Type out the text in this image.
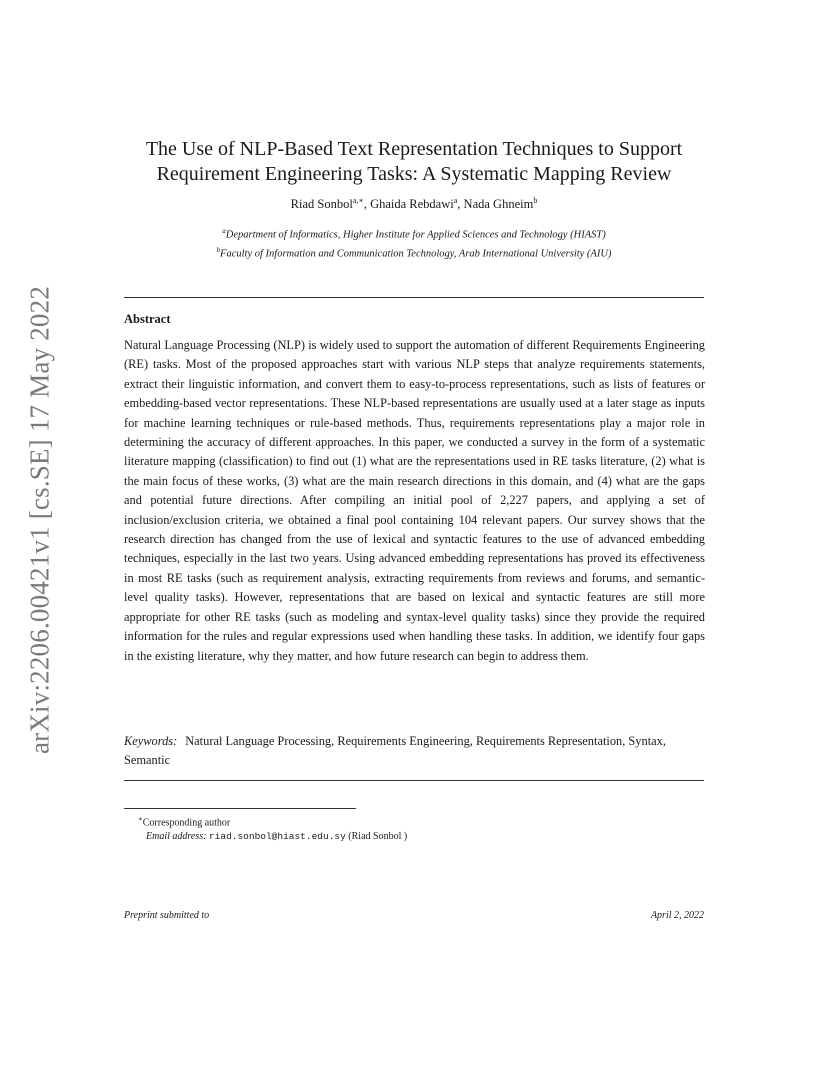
arXiv:2206.00421v1 [cs.SE] 17 May 2022
The Use of NLP-Based Text Representation Techniques to Support
Requirement Engineering Tasks: A Systematic Mapping Review
Riad Sonbol$^{a,∗}$, Ghaida Rebdawi$^a$, Nada Ghneim$^b$
$^a$Department of Informatics, Higher Institute for Applied Sciences and Technology (HIAST)
$^b$Faculty of Information and Communication Technology, Arab International University (AIU)
Abstract

Natural Language Processing (NLP) is widely used to support the automation of different Requirements Engineering (RE) tasks. Most of the proposed approaches start with various NLP steps that analyze requirements statements, extract their linguistic information, and convert them to easy-to-process representations, such as lists of features or embedding-based vector representations. These NLP-based representations are usually used at a later stage as inputs for machine learning techniques or rule-based methods. Thus, requirements representations play a major role in determining the accuracy of different approaches. In this paper, we conducted a survey in the form of a systematic literature mapping (classification) to find out (1) what are the representations used in RE tasks literature, (2) what is the main focus of these works, (3) what are the main research directions in this domain, and (4) what are the gaps and potential future directions. After compiling an initial pool of 2,227 papers, and applying a set of inclusion/exclusion criteria, we obtained a final pool containing 104 relevant papers. Our survey shows that the research direction has changed from the use of lexical and syntactic features to the use of advanced embedding techniques, especially in the last two years. Using advanced embedding representations has proved its effectiveness in most RE tasks (such as requirement analysis, extracting requirements from reviews and forums, and semantic-level quality tasks). However, representations that are based on lexical and syntactic features are still more appropriate for other RE tasks (such as modeling and syntax-level quality tasks) since they provide the required information for the rules and regular expressions used when handling these tasks. In addition, we identify four gaps in the existing literature, why they matter, and how future research can begin to address them.

Keywords: Natural Language Processing, Requirements Engineering, Requirements Representation, Syntax, Semantic
∗Corresponding author
Email address: riad.sonbol@hiast.edu.sy (Riad Sonbol )
Preprint submitted to	April 2, 2022
